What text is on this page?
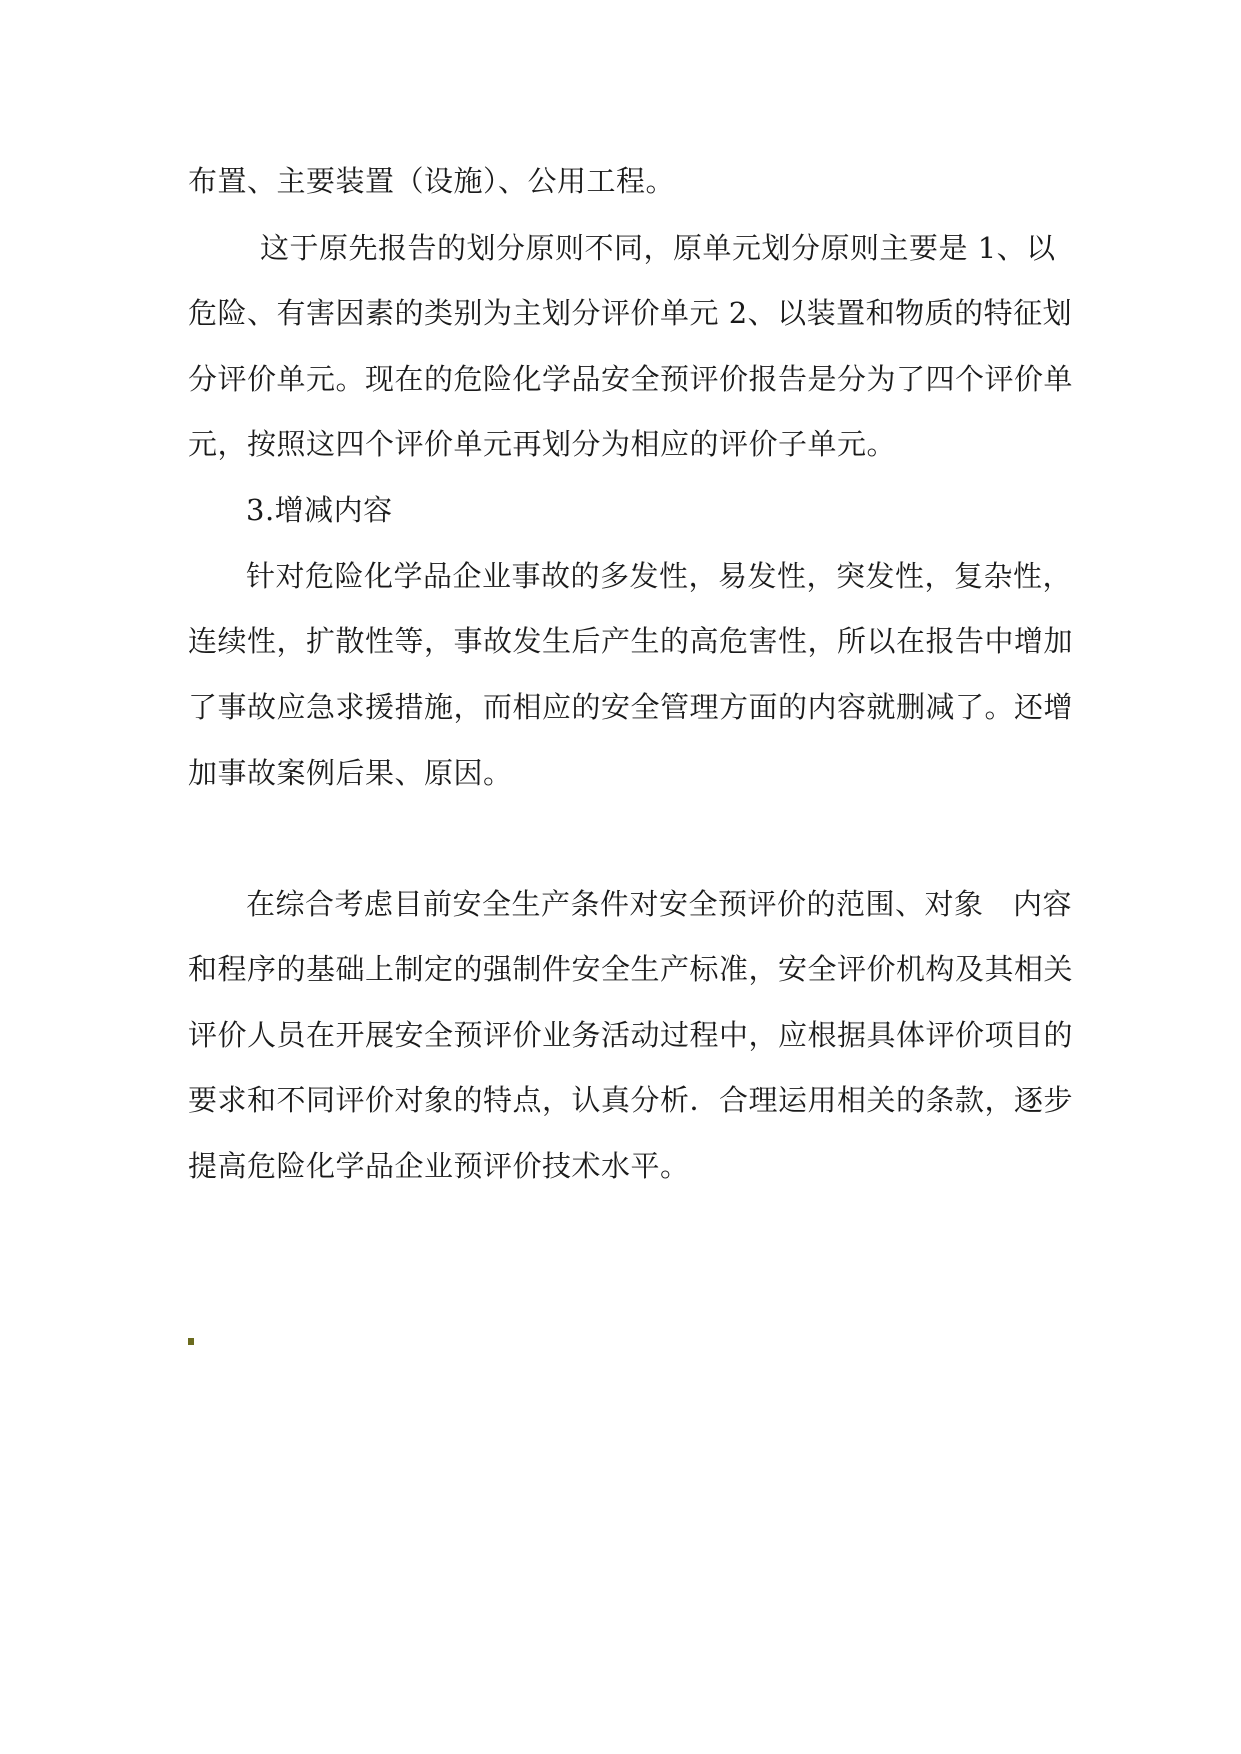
布置、主要装置（设施）、公用工程。
这于原先报告的划分原则不同，原单元划分原则主要是 1、以
危险、有害因素的类别为主划分评价单元 2、以装置和物质的特征划
分评价单元。现在的危险化学品安全预评价报告是分为了四个评价单
元，按照这四个评价单元再划分为相应的评价子单元。
3.增减内容
针对危险化学品企业事故的多发性，易发性，突发性，复杂性，
连续性，扩散性等，事故发生后产生的高危害性，所以在报告中增加
了事故应急求援措施，而相应的安全管理方面的内容就删减了。还增
加事故案例后果、原因。
在综合考虑目前安全生产条件对安全预评价的范围、对象　内容
和程序的基础上制定的强制件安全生产标准，安全评价机构及其相关
评价人员在开展安全预评价业务活动过程中，应根据具体评价项目的
要求和不同评价对象的特点，认真分析．合理运用相关的条款，逐步
提高危险化学品企业预评价技术水平。
